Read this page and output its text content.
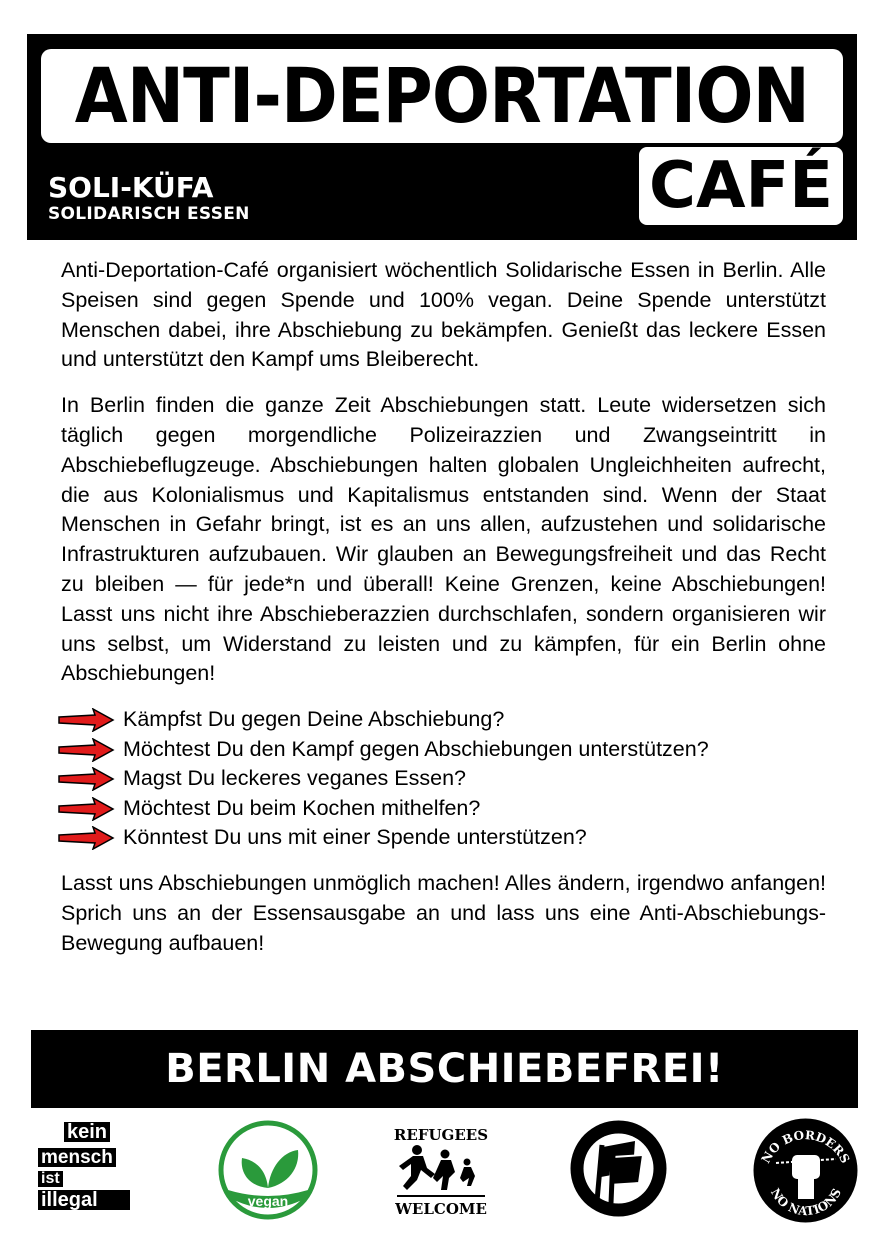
ANTI-DEPORTATION
CAFÉ
SOLI-KÜFA
SOLIDARISCH ESSEN

Anti-Deportation-Café organisiert wöchentlich Solidarische Essen in Berlin. Alle Speisen sind gegen Spende und 100% vegan. Deine Spende unterstützt Menschen dabei, ihre Abschiebung zu bekämpfen. Genießt das leckere Essen und unterstützt den Kampf ums Bleiberecht.

In Berlin finden die ganze Zeit Abschiebungen statt. Leute widersetzen sich täglich gegen morgendliche Polizeirazzien und Zwangseintritt in Abschiebeflugzeuge. Abschiebungen halten globalen Ungleichheiten aufrecht, die aus Kolonialismus und Kapitalismus entstanden sind. Wenn der Staat Menschen in Gefahr bringt, ist es an uns allen, aufzustehen und solidarische Infrastrukturen aufzubauen. Wir glauben an Bewegungsfreiheit und das Recht zu bleiben — für jede*n und überall! Keine Grenzen, keine Abschiebungen! Lasst uns nicht ihre Abschieberazzien durchschlafen, sondern organisieren wir uns selbst, um Widerstand zu leisten und zu kämpfen, für ein Berlin ohne Abschiebungen!

Kämpfst Du gegen Deine Abschiebung?
Möchtest Du den Kampf gegen Abschiebungen unterstützen?
Magst Du leckeres veganes Essen?
Möchtest Du beim Kochen mithelfen?
Könntest Du uns mit einer Spende unterstützen?

Lasst uns Abschiebungen unmöglich machen! Alles ändern, irgendwo anfangen! Sprich uns an der Essensausgabe an und lass uns eine Anti-Abschiebungs-Bewegung aufbauen!

BERLIN ABSCHIEBEFREI!
kein
mensch
ist
illegal	vegan
REFUGEES
WELCOME
NO BORDERS
NO NATIONS
